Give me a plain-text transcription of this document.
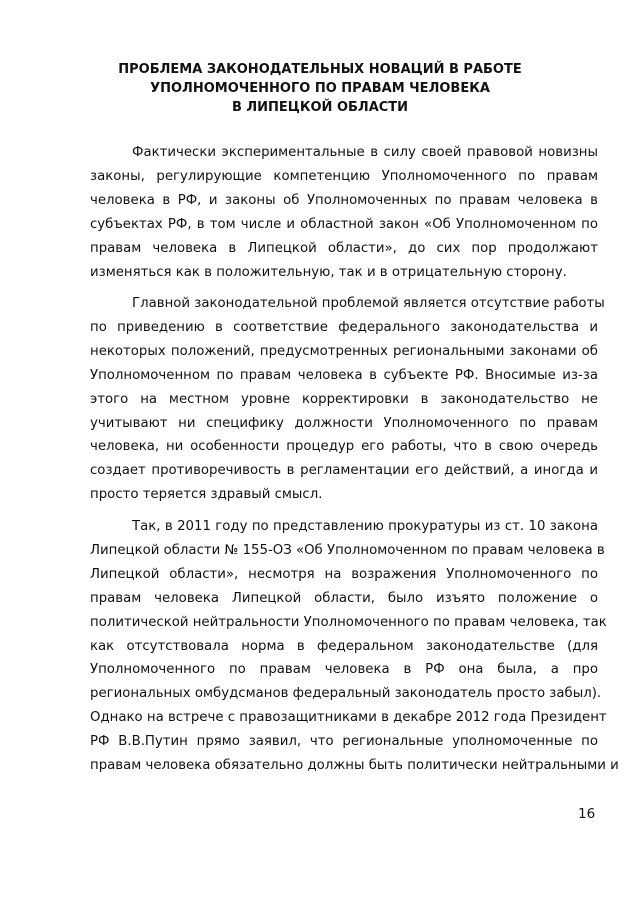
ПРОБЛЕМА ЗАКОНОДАТЕЛЬНЫХ НОВАЦИЙ В РАБОТЕ
УПОЛНОМОЧЕННОГО ПО ПРАВАМ ЧЕЛОВЕКА
В ЛИПЕЦКОЙ ОБЛАСТИ
Фактически экспериментальные в силу своей правовой новизны
законы, регулирующие компетенцию Уполномоченного по правам
человека в РФ, и законы об Уполномоченных по правам человека в
субъектах РФ, в том числе и областной закон «Об Уполномоченном по
правам человека в Липецкой области», до сих пор продолжают
изменяться как в положительную, так и в отрицательную сторону.
Главной законодательной проблемой является отсутствие работы
по приведению в соответствие федерального законодательства и
некоторых положений, предусмотренных региональными законами об
Уполномоченном по правам человека в субъекте РФ. Вносимые из-за
этого на местном уровне корректировки в законодательство не
учитывают ни специфику должности Уполномоченного по правам
человека, ни особенности процедур его работы, что в свою очередь
создает противоречивость в регламентации его действий, а иногда и
просто теряется здравый смысл.
Так, в 2011 году по представлению прокуратуры из ст. 10 закона
Липецкой области № 155-ОЗ «Об Уполномоченном по правам человека в
Липецкой области», несмотря на возражения Уполномоченного по
правам человека Липецкой области, было изъято положение о
политической нейтральности Уполномоченного по правам человека, так
как отсутствовала норма в федеральном законодательстве (для
Уполномоченного по правам человека в РФ она была, а про
региональных омбудсманов федеральный законодатель просто забыл).
Однако на встрече с правозащитниками в декабре 2012 года Президент
РФ В.В.Путин прямо заявил, что региональные уполномоченные по
правам человека обязательно должны быть политически нейтральными и
16
